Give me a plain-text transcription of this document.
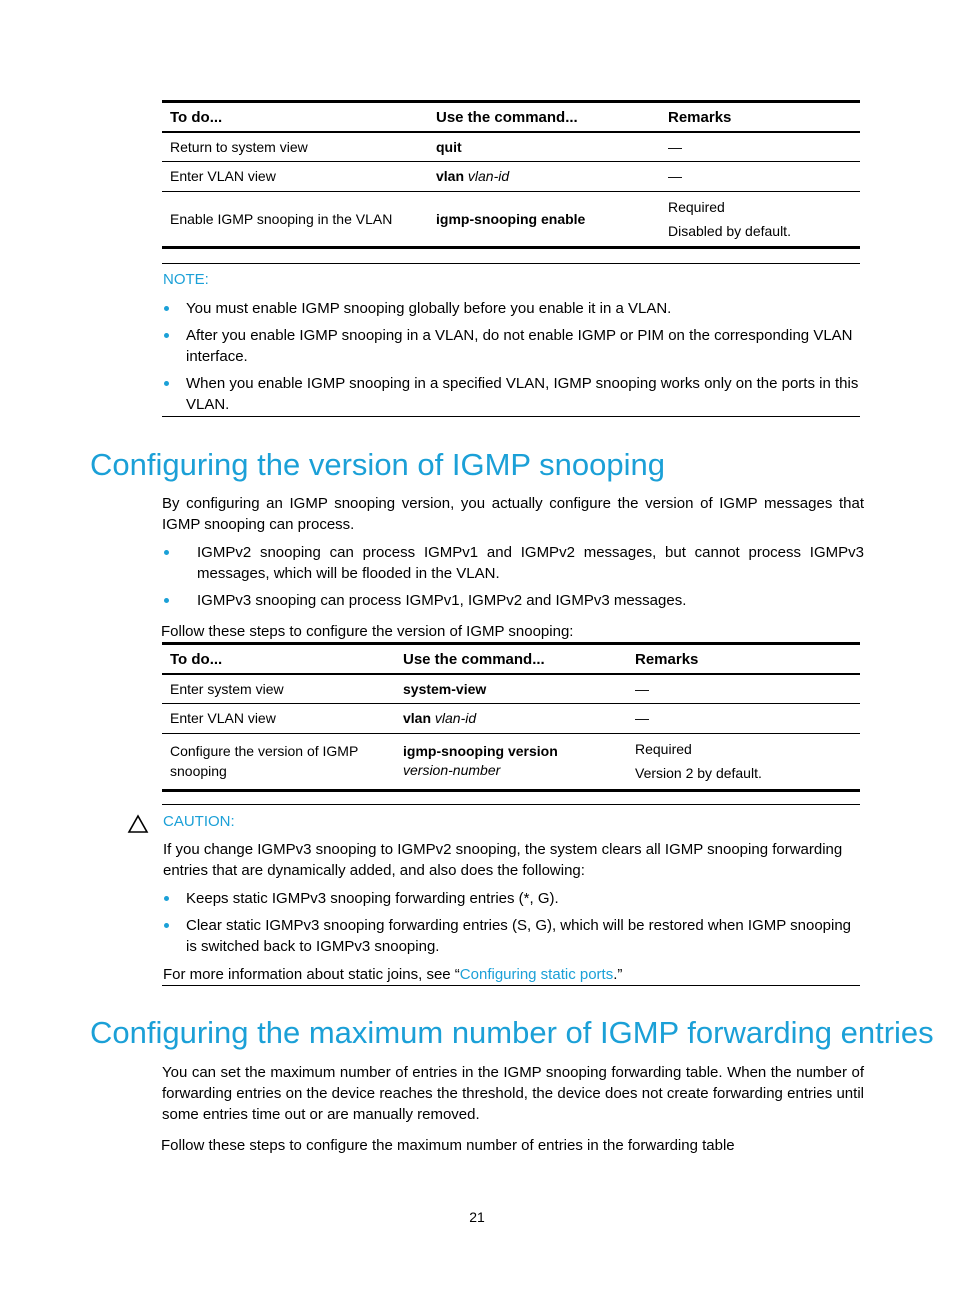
To do...	Use the command...	Remarks
Return to system view	quit	—
Enter VLAN view	vlan vlan-id	—
Enable IGMP snooping in the VLAN	igmp-snooping enable	Required
Disabled by default.
NOTE:
You must enable IGMP snooping globally before you enable it in a VLAN.
After you enable IGMP snooping in a VLAN, do not enable IGMP or PIM on the corresponding VLAN interface.
When you enable IGMP snooping in a specified VLAN, IGMP snooping works only on the ports in this VLAN.
Configuring the version of IGMP snooping

By configuring an IGMP snooping version, you actually configure the version of IGMP messages that IGMP snooping can process.

IGMPv2 snooping can process IGMPv1 and IGMPv2 messages, but cannot process IGMPv3 messages, which will be flooded in the VLAN.
IGMPv3 snooping can process IGMPv1, IGMPv2 and IGMPv3 messages.

Follow these steps to configure the version of IGMP snooping:

To do...	Use the command...	Remarks
Enter system view	system-view	—
Enter VLAN view	vlan vlan-id	—
Configure the version of IGMP snooping	igmp-snooping version
version-number	Required
Version 2 by default.
CAUTION:

If you change IGMPv3 snooping to IGMPv2 snooping, the system clears all IGMP snooping forwarding entries that are dynamically added, and also does the following:

Keeps static IGMPv3 snooping forwarding entries (*, G).
Clear static IGMPv3 snooping forwarding entries (S, G), which will be restored when IGMP snooping is switched back to IGMPv3 snooping.

For more information about static joins, see “Configuring static ports.”

Configuring the maximum number of IGMP forwarding entries

You can set the maximum number of entries in the IGMP snooping forwarding table. When the number of forwarding entries on the device reaches the threshold, the device does not create forwarding entries until some entries time out or are manually removed.

Follow these steps to configure the maximum number of entries in the forwarding table

21
